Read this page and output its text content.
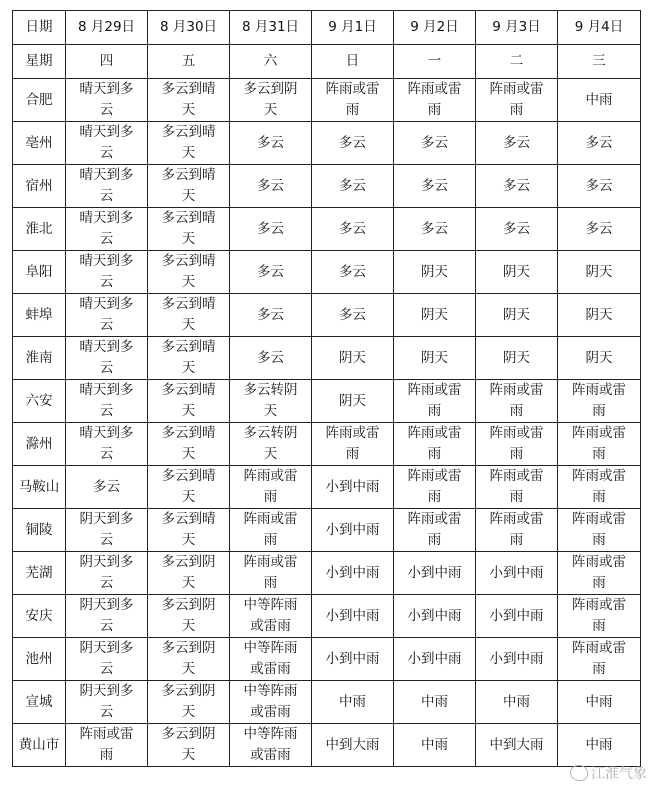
日期	8 月29日	8 月30日	8 月31日	9 月1日	9 月2日	9 月3日	9 月4日
星期	四	五	六	日	一	二	三
合肥	晴天到多云	多云到晴天	多云到阴天	阵雨或雷雨	阵雨或雷雨	阵雨或雷雨	中雨
亳州	晴天到多云	多云到晴天	多云	多云	多云	多云	多云
宿州	晴天到多云	多云到晴天	多云	多云	多云	多云	多云
淮北	晴天到多云	多云到晴天	多云	多云	多云	多云	多云
阜阳	晴天到多云	多云到晴天	多云	多云	阴天	阴天	阴天
蚌埠	晴天到多云	多云到晴天	多云	多云	阴天	阴天	阴天
淮南	晴天到多云	多云到晴天	多云	阴天	阴天	阴天	阴天
六安	晴天到多云	多云到晴天	多云转阴天	阴天	阵雨或雷雨	阵雨或雷雨	阵雨或雷雨
滁州	晴天到多云	多云到晴天	多云转阴天	阵雨或雷雨	阵雨或雷雨	阵雨或雷雨	阵雨或雷雨
马鞍山	多云	多云到晴天	阵雨或雷雨	小到中雨	阵雨或雷雨	阵雨或雷雨	阵雨或雷雨
铜陵	阴天到多云	多云到晴天	阵雨或雷雨	小到中雨	阵雨或雷雨	阵雨或雷雨	阵雨或雷雨
芜湖	阴天到多云	多云到阴天	阵雨或雷雨	小到中雨	小到中雨	小到中雨	阵雨或雷雨
安庆	阴天到多云	多云到阴天	中等阵雨或雷雨	小到中雨	小到中雨	小到中雨	阵雨或雷雨
池州	阴天到多云	多云到阴天	中等阵雨或雷雨	小到中雨	小到中雨	小到中雨	阵雨或雷雨
宣城	阴天到多云	多云到阴天	中等阵雨或雷雨	中雨	中雨	中雨	中雨
黄山市	阵雨或雷雨	多云到阴天	中等阵雨或雷雨	中到大雨	中雨	中到大雨	中雨
江淮气象
